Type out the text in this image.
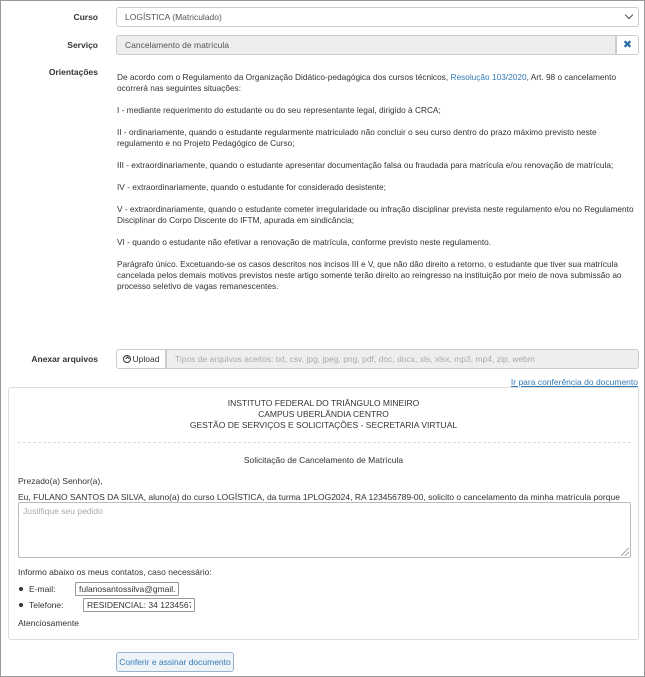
Curso	LOGÍSTICA (Matriculado)
Serviço	Cancelamento de matrícula	✖
Orientações De acordo com o Regulamento da Organização Didático-pedagógica dos cursos técnicos, Resolução 103/2020, Art. 98 o cancelamento ocorrerá nas seguintes situações:

I - mediante requerimento do estudante ou do seu representante legal, dirigido à CRCA;

II - ordinariamente, quando o estudante regularmente matriculado não concluir o seu curso dentro do prazo máximo previsto neste regulamento e no Projeto Pedagógico de Curso;

III - extraordinariamente, quando o estudante apresentar documentação falsa ou fraudada para matrícula e/ou renovação de matrícula;

IV - extraordinariamente, quando o estudante for considerado desistente;

V - extraordinariamente, quando o estudante cometer irregularidade ou infração disciplinar prevista neste regulamento e/ou no Regulamento Disciplinar do Corpo Discente do IFTM, apurada em sindicância;

VI - quando o estudante não efetivar a renovação de matrícula, conforme previsto neste regulamento.

Parágrafo único. Excetuando-se os casos descritos nos incisos III e V, que não dão direito a retorno, o estudante que tiver sua matrícula cancelada pelos demais motivos previstos neste artigo somente terão direito ao reingresso na instituição por meio de nova submissão ao processo seletivo de vagas remanescentes.

Anexar arquivos	Upload	Tipos de arquivos aceitos: txt, csv, jpg, jpeg, png, pdf, doc, docx, xls, xlsx, mp3, mp4, zip, webm
Ir para conferência do documento
INSTITUTO FEDERAL DO TRIÂNGULO MINEIRO
CAMPUS UBERLÂNDIA CENTRO
GESTÃO DE SERVIÇOS E SOLICITAÇÕES - SECRETARIA VIRTUAL
Solicitação de Cancelamento de Matrícula
Prezado(a) Senhor(a),
Eu, FULANO SANTOS DA SILVA, aluno(a) do curso LOGÍSTICA, da turma 1PLOG2024, RA 123456789-00, solicito o cancelamento da minha matrícula porque
Justifique seu pedido
Informo abaixo os meus contatos, caso necessário:
E-mail:
fulanosantossilva@gmail.com
Telefone:
RESIDENCIAL: 34 12345678, CELULAR: 34 912345678
Atenciosamente
Conferir e assinar documento
